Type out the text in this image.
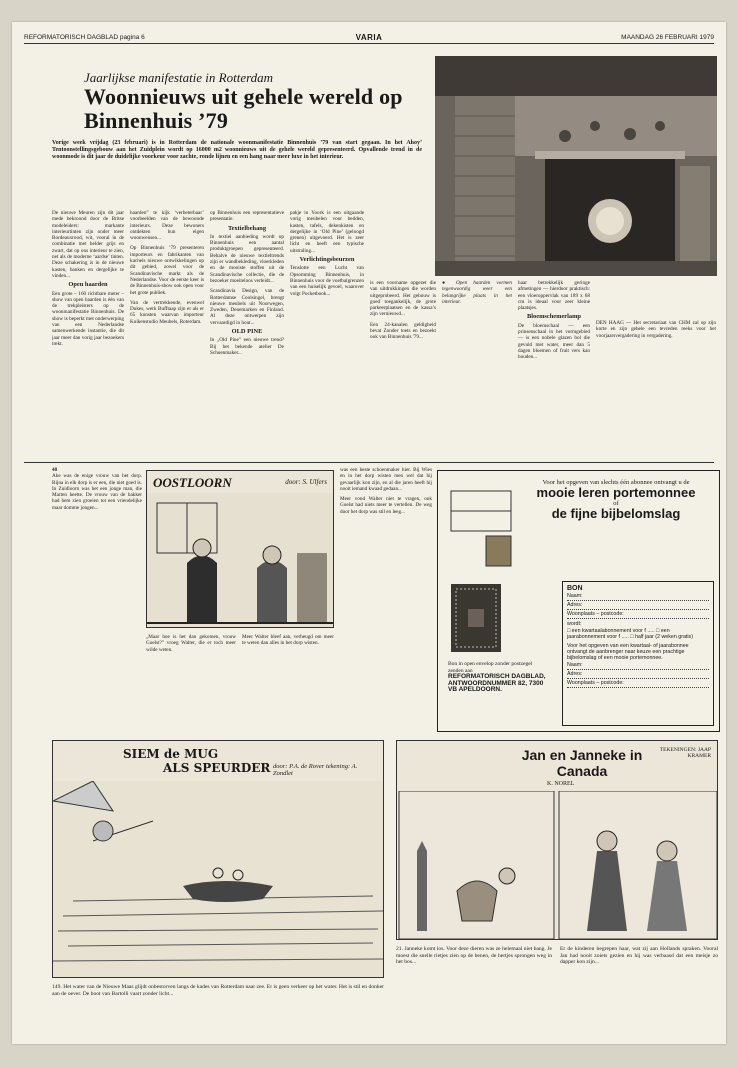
REFORMATORISCH DAGBLAD pagina 6	VARIA	MAANDAG 26 FEBRUARI 1979
Jaarlijkse manifestatie in Rotterdam
Woonnieuws uit gehele wereld op Binnenhuis ’79
Vorige week vrijdag (23 februari) is in Rotterdam de nationale woonmanifestatie Binnenhuis ’79 van start gegaan. In het Ahoy’ Tentoonstellingsgebouw aan het Zuidplein wordt op 16000 m2 woonnieuws uit de gehele wereld gepresenteerd. Opvallende trend in de woonmode is dit jaar de duidelijke voorkeur voor zachte, ronde lijnen en een hang naar meer luxe in het interieur.

De nieuwe Meuren zijn dit jaar mede bekroond door de Britse modeleiders: markante interieurtinten zijn onder meer Bordeauxrood, wit, vooral in de combinatie met helder grijs en zwart, dat op ons interieur te zien, net als de moderne ‘aardse’ tinten. Deze schakering is in de nieuwe kasten, banken en dergelijke te vinden...

Open haarden

Een grote – 160 richtbare meter – show van open haarden is één van de trekpleisters op de woonmanifestatie Binnenhuis. De show is beperkt met onderwerping van een Nederlandse samenwerkende instantie, die dit jaar meer dan vorig jaar bezoekers trekt.

haarden” te kijk ‘verbeterbaar’ voorbeelden van de bewoonde interieurs. Deze bewoners ontdekten hun eigen woonwensen...

Op Binnenhuis ’79 presenteren importeurs en fabrikanten van kachels nieuwe ontwikkelingen op dit gebied, zowel voor de Scandinavische markt als de Nederlandse. Voor de eerste keer is de Binnenhuis-show ook open voor het grote publiek.

Van de vertrekkende, evenwel Dukes, werk Bufftaap zijn er als er 65 kunsten waarvan importeur Kuikenstudio Meubels, Roterdam.

op Binnenhuis een representatieve presentatie.

Textielbehang

In textiel aanbieding wordt op Binnenhuis een aantal produktgroepen gepresenteerd. Behalve de nieuwe textieltrends zijn er wandbekleding, vloerkleden en de mooiste stoffen uit de Scandinavische collectie, die de bezoeker moeiteloos verleidt...

Scandinavia Design, van de Rotterdamse Coolsingel, brengt nieuwe meubels uit Noorwegen, Zweden, Denemarken en Finland. Al deze ontwerpen zijn vervaardigd in hout...

OLD PINE

In „Old Pine” een nieuwe trend? Bij het bekende atelier De Schoenmaker...

pakje in Yoork is een uitgaande vorig meubelen voor bedden, kasten, tafels, dekenkisten en dergelijke in ‘Old Pine’ (geloogd grenen) uitgevoerd. Het is zeer licht en heeft een typische uitstraling...

Verlichtingsbeurzen

Tenslotte een Lucht van Opsomming Binnenhuis, in Binnenhuis voor de voetbalgrenzen van een huiselijk gevoel, waarover volgt Pocketbook...

is een voorname opgezet die van uitdrukkingen die worden uitgeprobeerd. Het gebouw is goed toegankelijk, de grote parkeerplaatsen en de kassa’s zijn vernieuwd...

Een 24-kanalen geldigheid bevat Zonder toets en bezoekt ook van Binnenhuis '79...

● Open haarden vormen tegenwoordig weer een belangrijke plaats in het interieur.

haar betrekkelijk geringe afmetingen — hierdoor praktisch: een vloeroppervlak van 189 x 68 cm is ideaal voor zeer kleine plaatsjes.

Bloemschemerlamp

De bloemschaal — een prinsenschaal in het vormgebied — is een nobele glazen bol die gevuld met water, meer dan 5 dagen bloemen of fruit vers kan houden...

DEN HAAG — Het secretariaat van CHM zal op zijn korte en zijn gehele een tevreden reeks voor het voorjaarsvergadering in vergadering.

48

Ake was de enige vrouw van het dorp. Bijna in elk dorp is er een, die niet goed is. In Zuidloorn was het een jonge man, die Marten heette. De vrouw van de bakker had hem zien groeien tot een vriendelijke maar domme jongen...

OOSTLOORN	door: S. Ulfers

„Maar hoe is het dan gekomen, vrouw Goelst?” vroeg Walter, die er toch meer wilde weten.

Meer Walter bleef aan, verheugd om meer te weten dan alles in het dorp wisten.

was een beste schoenmaker hier. Bij Wies en in het dorp wisten men wel dat hij gevaarlijk kon zijn, en al die jaren heeft hij nooit iemand kwaad gedaan...

Meer vond Walter niet te vragen, ook Goelst had niets meer te vertellen. De weg door het dorp was stil en leeg...

Voor het opgeven van slechts één abonnee ontvangt u de
mooie leren portemonnee
of
de fijne bijbelomslag

Bon in open envelop zonder postzegel zenden aan

REFORMATORISCH DAGBLAD,

ANTWOORDNUMMER 82, 7300 VB APELDOORN.

BON
Naam:
Adres:
Woonplaats – postcode:
wordt:
□ een kwartaalabonnement voor f ..... □ een jaarabonnement voor f ..... □ half jaar (2 weken gratis)
Voor het opgeven van een kwartaal- of jaarabonnee ontvangt de aanbrenger naar keuze een prachtige bijbelomslag of een mooie portemonnee.
Naam:
Adres:
Woonplaats – postcode:
SIEM de MUG
ALS SPEURDER door: P.A. de Rover tekening: A. Zondlet
149. Het water van de Nieuwe Maas glijdt onbestorven langs de kades van Rotterdam naar zee. Er is geen verkeer op het water. Het is stil en donker aan de oever. De boot van Bartolli vaart zonder licht...
Jan en Janneke in Canada
K. NOREL
TEKENINGEN: JAAP KRAMER
21. Janneke komt los. Voor deze dieren was ze helemaal niet bang. Je moest die snelle rietjes zien op de benen, de hertjes sprongen weg in het bos...
Er de kinderen begrepen haar, wat zij aan Hollands spraken. Vooral Jan had nooit zoiets gezien en hij was verbaasd dat een meisje zo dapper kon zijn...
